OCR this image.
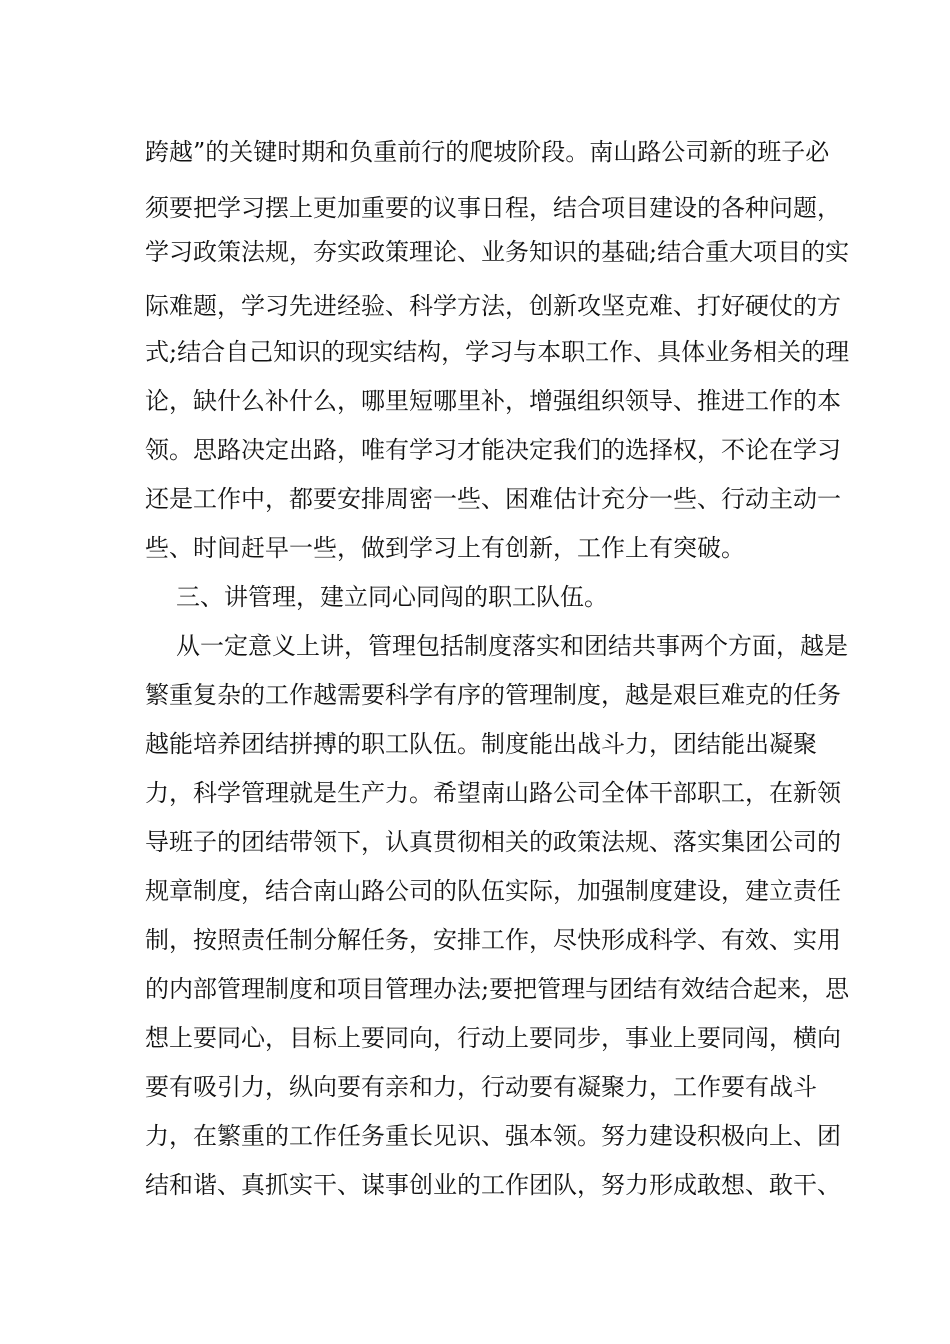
跨越”的关键时期和负重前行的爬坡阶段。南山路公司新的班子必
须要把学习摆上更加重要的议事日程，结合项目建设的各种问题，
学习政策法规，夯实政策理论、业务知识的基础;结合重大项目的实
际难题，学习先进经验、科学方法，创新攻坚克难、打好硬仗的方
式;结合自己知识的现实结构，学习与本职工作、具体业务相关的理
论，缺什么补什么，哪里短哪里补，增强组织领导、推进工作的本
领。思路决定出路，唯有学习才能决定我们的选择权，不论在学习
还是工作中，都要安排周密一些、困难估计充分一些、行动主动一
些、时间赶早一些，做到学习上有创新，工作上有突破。
三、讲管理，建立同心同闯的职工队伍。
从一定意义上讲，管理包括制度落实和团结共事两个方面，越是
繁重复杂的工作越需要科学有序的管理制度，越是艰巨难克的任务
越能培养团结拼搏的职工队伍。制度能出战斗力，团结能出凝聚
力，科学管理就是生产力。希望南山路公司全体干部职工，在新领
导班子的团结带领下，认真贯彻相关的政策法规、落实集团公司的
规章制度，结合南山路公司的队伍实际，加强制度建设，建立责任
制，按照责任制分解任务，安排工作，尽快形成科学、有效、实用
的内部管理制度和项目管理办法;要把管理与团结有效结合起来，思
想上要同心，目标上要同向，行动上要同步，事业上要同闯，横向
要有吸引力，纵向要有亲和力，行动要有凝聚力，工作要有战斗
力，在繁重的工作任务重长见识、强本领。努力建设积极向上、团
结和谐、真抓实干、谋事创业的工作团队，努力形成敢想、敢干、
